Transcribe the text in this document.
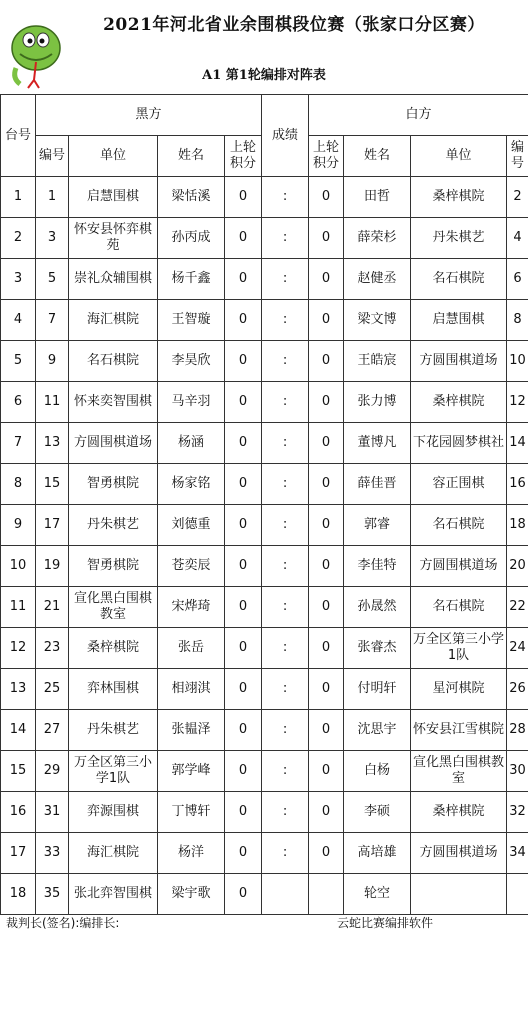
2021年河北省业余围棋段位赛（张家口分区赛）
A1 第1轮编排对阵表
台号	黑方				成绩	白方			
	编号	单位	姓名	上轮积分		上轮积分	姓名	单位	编号
1	1	启慧围棋	梁恬溪	0	:	0	田哲	桑梓棋院	2
2	3	怀安县怀弈棋苑	孙丙成	0	:	0	薛荣杉	丹朱棋艺	4
3	5	崇礼众辅围棋	杨千鑫	0	:	0	赵健丞	名石棋院	6
4	7	海汇棋院	王智璇	0	:	0	梁文博	启慧围棋	8
5	9	名石棋院	李昊欣	0	:	0	王皓宸	方圆围棋道场	10
6	11	怀来奕智围棋	马辛羽	0	:	0	张力博	桑梓棋院	12
7	13	方圆围棋道场	杨涵	0	:	0	董博凡	下花园圆梦棋社	14
8	15	智勇棋院	杨家铭	0	:	0	薛佳晋	容正围棋	16
9	17	丹朱棋艺	刘德重	0	:	0	郭睿	名石棋院	18
10	19	智勇棋院	苍奕辰	0	:	0	李佳特	方圆围棋道场	20
11	21	宣化黑白围棋教室	宋烨琦	0	:	0	孙晟然	名石棋院	22
12	23	桑梓棋院	张岳	0	:	0	张睿杰	万全区第三小学1队	24
13	25	弈林围棋	相翊淇	0	:	0	付明轩	星河棋院	26
14	27	丹朱棋艺	张韫泽	0	:	0	沈思宇	怀安县江雪棋院	28
15	29	万全区第三小学1队	郭学峰	0	:	0	白杨	宣化黑白围棋教室	30
16	31	弈源围棋	丁博轩	0	:	0	李硕	桑梓棋院	32
17	33	海汇棋院	杨洋	0	:	0	高培雄	方圆围棋道场	34
18	35	张北弈智围棋	梁宇歌	0			轮空		
裁判长(签名):编排长:	云蛇比赛编排软件
